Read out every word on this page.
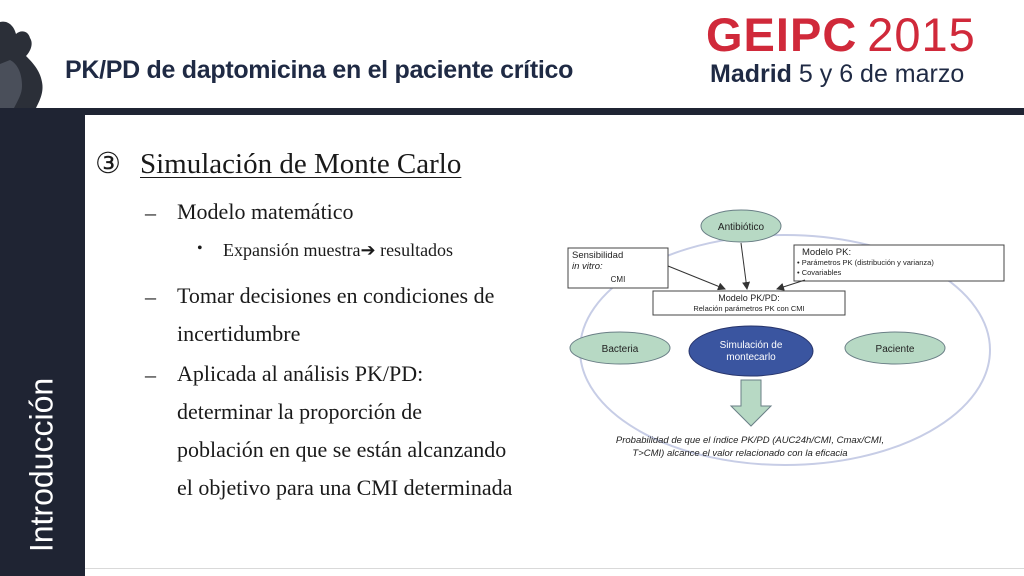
PK/PD de daptomicina en el paciente crítico
GEIPC 2015
Madrid 5 y 6 de marzo
Introducción
③ Simulación de Monte Carlo
– Modelo matemático
• Expansión muestra➔ resultados
– Tomar decisiones en condiciones de
incertidumbre
– Aplicada al análisis PK/PD:
determinar la proporción de
población en que se están alcanzando
el objetivo para una CMI determinada
Antibiótico
Sensibilidad
in vitro:
CMI
Modelo PK:
• Parámetros PK (distribución y varianza)
• Covariables
Modelo PK/PD:
Relación parámetros PK con CMI
Bacteria	Simulación de
montecarlo
Paciente
Probabilidad de que el índice PK/PD (AUC24h/CMI, Cmax/CMI,
T>CMI) alcance el valor relacionado con la eficacia
